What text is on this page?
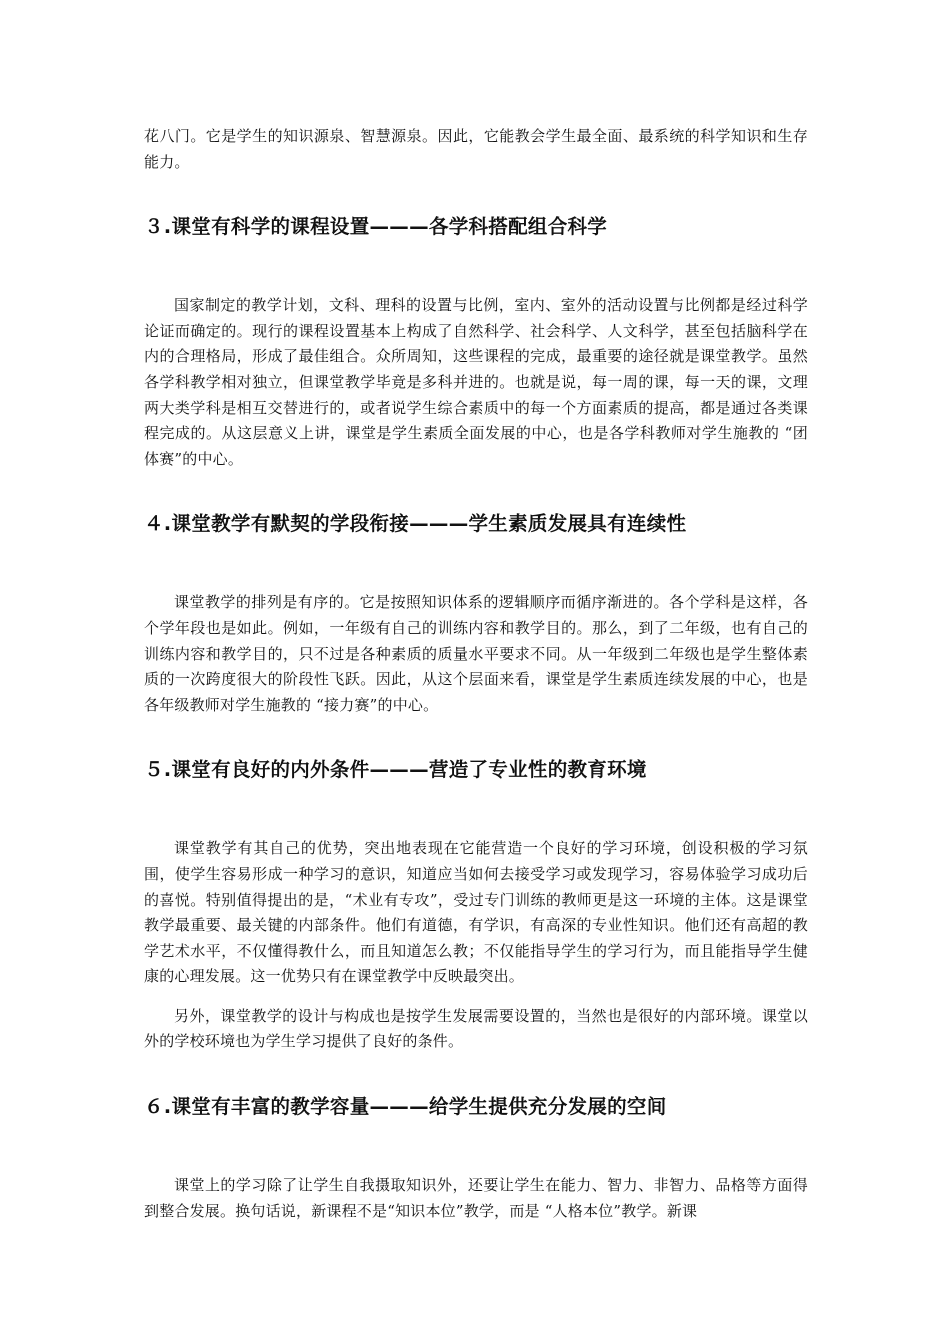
花八门。它是学生的知识源泉、智慧源泉。因此，它能教会学生最全面、最系统的科学知识和生存能力。

３.课堂有科学的课程设置———各学科搭配组合科学

国家制定的教学计划，文科、理科的设置与比例，室内、室外的活动设置与比例都是经过科学论证而确定的。现行的课程设置基本上构成了自然科学、社会科学、人文科学，甚至包括脑科学在内的合理格局，形成了最佳组合。众所周知，这些课程的完成，最重要的途径就是课堂教学。虽然各学科教学相对独立，但课堂教学毕竟是多科并进的。也就是说，每一周的课，每一天的课，文理两大类学科是相互交替进行的，或者说学生综合素质中的每一个方面素质的提高，都是通过各类课程完成的。从这层意义上讲，课堂是学生素质全面发展的中心，也是各学科教师对学生施教的 “团体赛”的中心。

４.课堂教学有默契的学段衔接———学生素质发展具有连续性

课堂教学的排列是有序的。它是按照知识体系的逻辑顺序而循序渐进的。各个学科是这样，各个学年段也是如此。例如，一年级有自己的训练内容和教学目的。那么，到了二年级，也有自己的训练内容和教学目的，只不过是各种素质的质量水平要求不同。从一年级到二年级也是学生整体素质的一次跨度很大的阶段性飞跃。因此，从这个层面来看，课堂是学生素质连续发展的中心，也是各年级教师对学生施教的 “接力赛”的中心。

５.课堂有良好的内外条件———营造了专业性的教育环境

课堂教学有其自己的优势，突出地表现在它能营造一个良好的学习环境，创设积极的学习氛围，使学生容易形成一种学习的意识，知道应当如何去接受学习或发现学习，容易体验学习成功后的喜悦。特别值得提出的是，“术业有专攻”，受过专门训练的教师更是这一环境的主体。这是课堂教学最重要、最关键的内部条件。他们有道德，有学识，有高深的专业性知识。他们还有高超的教学艺术水平，不仅懂得教什么，而且知道怎么教；不仅能指导学生的学习行为，而且能指导学生健康的心理发展。这一优势只有在课堂教学中反映最突出。

另外，课堂教学的设计与构成也是按学生发展需要设置的，当然也是很好的内部环境。课堂以外的学校环境也为学生学习提供了良好的条件。

６.课堂有丰富的教学容量———给学生提供充分发展的空间

课堂上的学习除了让学生自我摄取知识外，还要让学生在能力、智力、非智力、品格等方面得到整合发展。换句话说，新课程不是“知识本位”教学，而是 “人格本位”教学。新课
